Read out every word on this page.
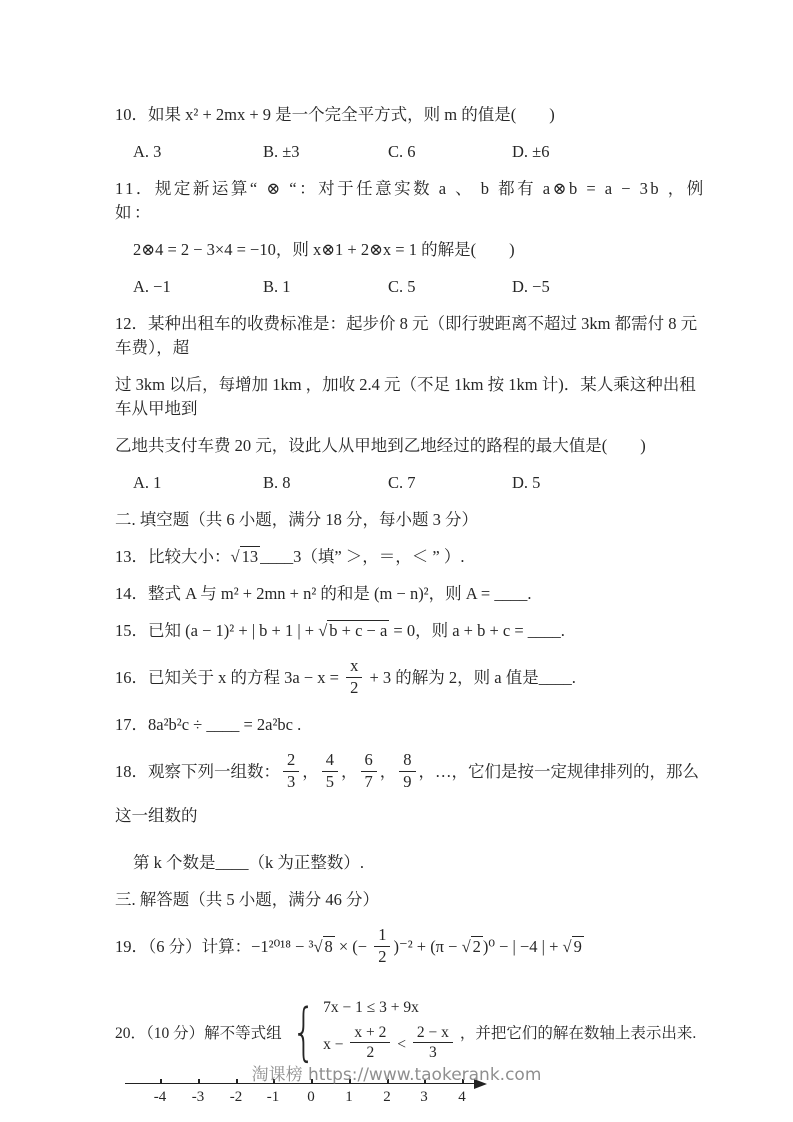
10．如果 x² + 2mx + 9 是一个完全平方式，则 m 的值是(　　)
A. 3	B. ±3	C. 6	D. ±6
11．规定新运算“ ⊗ “：对于任意实数 a 、 b 都有 a⊗b = a − 3b ，例如：
2⊗4 = 2 − 3×4 = −10，则 x⊗1 + 2⊗x = 1 的解是(　　)
A. −1	B. 1	C. 5	D. −5
12．某种出租车的收费标准是：起步价 8 元（即行驶距离不超过 3km 都需付 8 元车费），超
过 3km 以后，每增加 1km ，加收 2.4 元（不足 1km 按 1km 计)．某人乘这种出租车从甲地到
乙地共支付车费 20 元，设此人从甲地到乙地经过的路程的最大值是(　　)
A. 1	B. 8	C. 7	D. 5
二. 填空题（共 6 小题，满分 18 分，每小题 3 分）
13．比较大小：√ 13 ____3（填” ＞，＝，＜ ” ）.
14．整式 A 与 m² + 2mn + n² 的和是 (m − n)²，则 A = ____.
15．已知 (a − 1)² + | b + 1 | + √ b + c − a = 0，则 a + b + c = ____.
16．已知关于 x 的方程 $3a - x = \frac{x}{2} + 3$ 的解为 2，则 a 值是____.
17．8a²b²c ÷ ____ = 2a²bc .
18．观察下列一组数： $\frac{2}{3}$ ， $\frac{4}{5}$ ， $\frac{6}{7}$ ， $\frac{8}{9}$ ，…，它们是按一定规律排列的，那么这一组数的
第 k 个数是____（k 为正整数）.
三. 解答题（共 5 小题，满分 46 分）
19．（6 分）计算：−1²⁰¹⁸ − ³√ 8 × (− $\frac{1}{2} )^{-2} + (\pi$ − √ 2 )⁰ − | −4 | + √ 9
20．（10 分）解不等式组 { 7x − 1 ≤ 3 + 9x
$x - \frac{x + 2}{2} < \frac{2 - x}{3}$ ，并把它们的解在数轴上表示出来.
-4 -3 -2 -1 0 1 2 3 4
淘课榜 https://www.taokerank.com
